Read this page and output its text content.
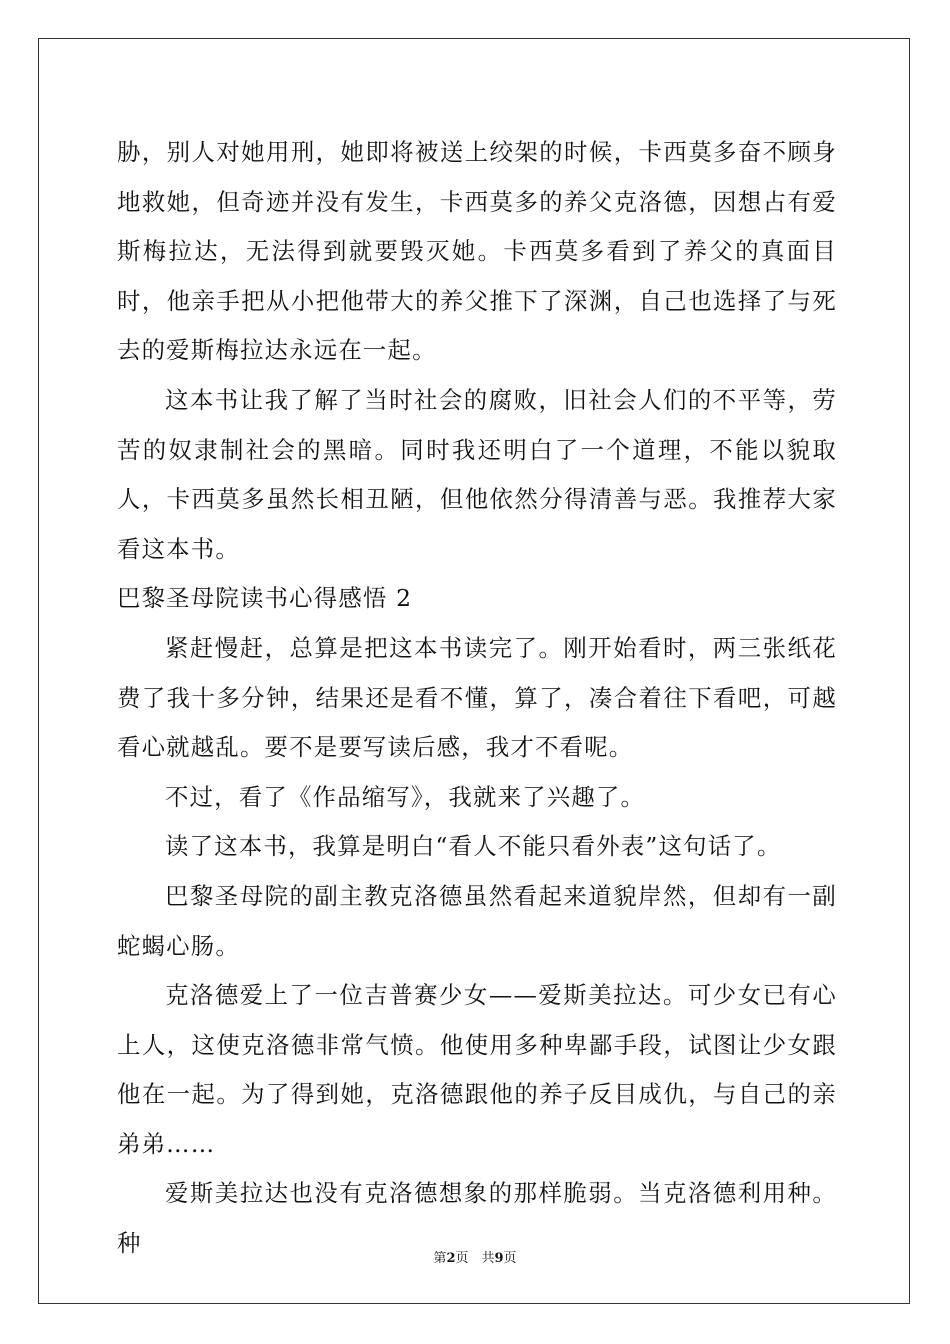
胁，别人对她用刑，她即将被送上绞架的时候，卡西莫多奋不顾身地救她，但奇迹并没有发生，卡西莫多的养父克洛德，因想占有爱斯梅拉达，无法得到就要毁灭她。卡西莫多看到了养父的真面目时，他亲手把从小把他带大的养父推下了深渊，自己也选择了与死去的爱斯梅拉达永远在一起。

这本书让我了解了当时社会的腐败，旧社会人们的不平等，劳苦的奴隶制社会的黑暗。同时我还明白了一个道理，不能以貌取人，卡西莫多虽然长相丑陋，但他依然分得清善与恶。我推荐大家看这本书。

巴黎圣母院读书心得感悟 2

紧赶慢赶，总算是把这本书读完了。刚开始看时，两三张纸花费了我十多分钟，结果还是看不懂，算了，凑合着往下看吧，可越看心就越乱。要不是要写读后感，我才不看呢。

不过，看了《作品缩写》，我就来了兴趣了。

读了这本书，我算是明白“看人不能只看外表”这句话了。

巴黎圣母院的副主教克洛德虽然看起来道貌岸然，但却有一副蛇蝎心肠。

克洛德爱上了一位吉普赛少女——爱斯美拉达。可少女已有心上人，这使克洛德非常气愤。他使用多种卑鄙手段，试图让少女跟他在一起。为了得到她，克洛德跟他的养子反目成仇，与自己的亲弟弟……

爱斯美拉达也没有克洛德想象的那样脆弱。当克洛德利用种。种

第2页　共9页
